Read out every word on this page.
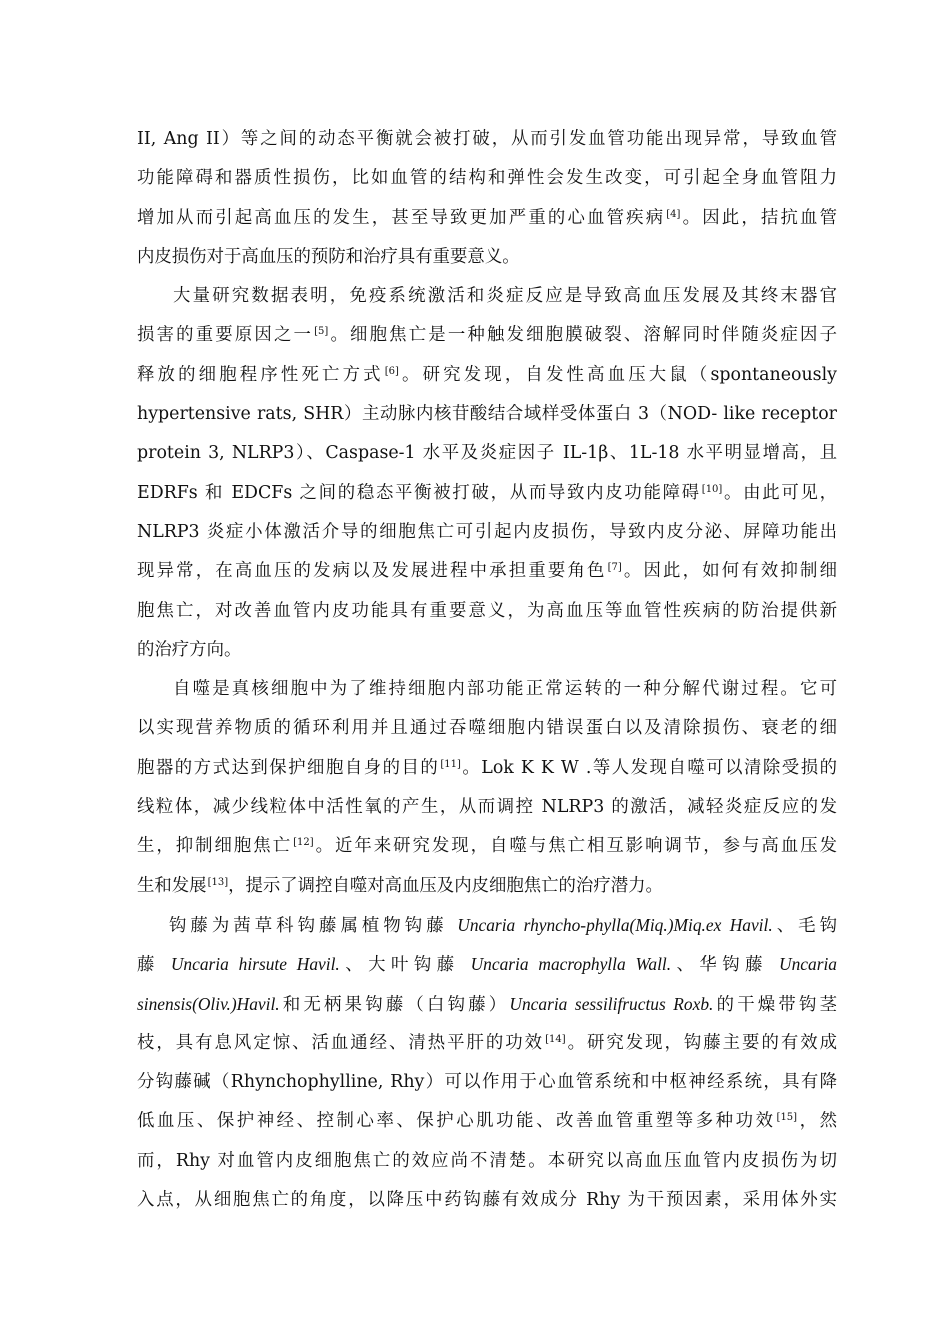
II, Ang II）等之间的动态平衡就会被打破，从而引发血管功能出现异常，导致血管
功能障碍和器质性损伤，比如血管的结构和弹性会发生改变，可引起全身血管阻力
增加从而引起高血压的发生，甚至导致更加严重的心血管疾病[4]。因此，拮抗血管
内皮损伤对于高血压的预防和治疗具有重要意义。
大量研究数据表明，免疫系统激活和炎症反应是导致高血压发展及其终末器官
损害的重要原因之一[5]。细胞焦亡是一种触发细胞膜破裂、溶解同时伴随炎症因子
释放的细胞程序性死亡方式[6]。研究发现，自发性高血压大鼠（spontaneously
hypertensive rats, SHR）主动脉内核苷酸结合域样受体蛋白 3（NOD- like receptor
protein 3, NLRP3）、Caspase-1 水平及炎症因子 IL-1β、1L-18 水平明显增高，且
EDRFs 和 EDCFs 之间的稳态平衡被打破，从而导致内皮功能障碍[10]。由此可见，
NLRP3 炎症小体激活介导的细胞焦亡可引起内皮损伤，导致内皮分泌、屏障功能出
现异常，在高血压的发病以及发展进程中承担重要角色[7]。因此，如何有效抑制细
胞焦亡，对改善血管内皮功能具有重要意义，为高血压等血管性疾病的防治提供新
的治疗方向。
自噬是真核细胞中为了维持细胞内部功能正常运转的一种分解代谢过程。它可
以实现营养物质的循环利用并且通过吞噬细胞内错误蛋白以及清除损伤、衰老的细
胞器的方式达到保护细胞自身的目的[11]。Lok K K W .等人发现自噬可以清除受损的
线粒体，减少线粒体中活性氧的产生，从而调控 NLRP3 的激活，减轻炎症反应的发
生，抑制细胞焦亡[12]。近年来研究发现，自噬与焦亡相互影响调节，参与高血压发
生和发展[13]，提示了调控自噬对高血压及内皮细胞焦亡的治疗潜力。
钩藤为茜草科钩藤属植物钩藤 Uncaria rhyncho-phylla(Miq.)Miq.ex Havil.、毛钩
藤 Uncaria hirsute Havil.、大叶钩藤 Uncaria macrophylla Wall.、华钩藤 Uncaria
sinensis(Oliv.)Havil.和无柄果钩藤（白钩藤）Uncaria sessilifructus Roxb.的干燥带钩茎
枝，具有息风定惊、活血通经、清热平肝的功效[14]。研究发现，钩藤主要的有效成
分钩藤碱（Rhynchophylline, Rhy）可以作用于心血管系统和中枢神经系统，具有降
低血压、保护神经、控制心率、保护心肌功能、改善血管重塑等多种功效[15]，然
而，Rhy 对血管内皮细胞焦亡的效应尚不清楚。本研究以高血压血管内皮损伤为切
入点，从细胞焦亡的角度，以降压中药钩藤有效成分 Rhy 为干预因素，采用体外实
